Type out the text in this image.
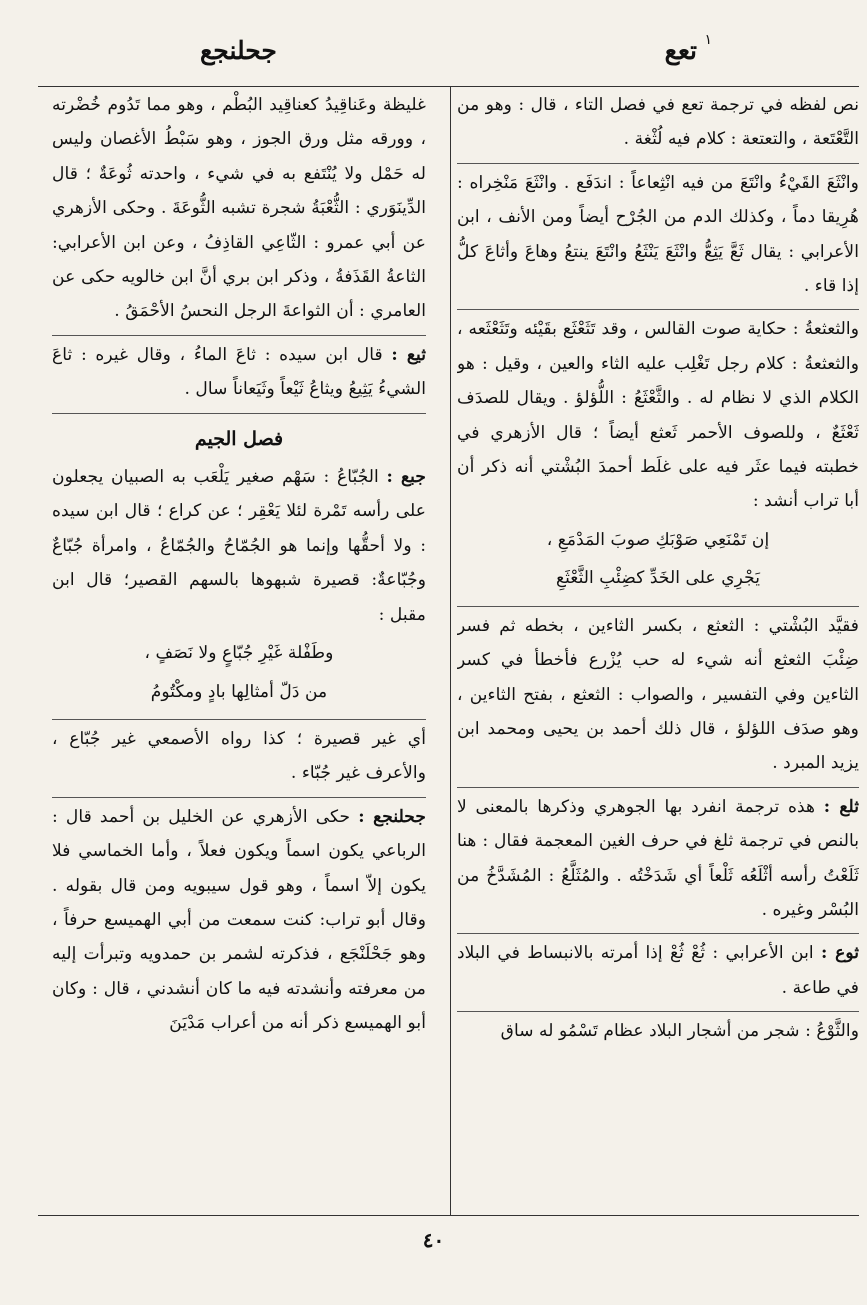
١
تعع
جحلنجع
نص لفظه في ترجمة تعع في فصل التاء ، قال : وهو من التَّعْتَعة ، والتعتعة : كلام فيه لُثْغة .
وانْثَعَ القَيْءُ وانْتَعَ من فيه انْثِعاعاً : اندَفَع . وانْثَعَ مَنْخِراه : هُرِيقا دماً ، وكذلك الدم من الجُرْح أيضاً ومن الأنف ، ابن الأعرابي : يقال ثَعَّ يَثِعُّ وانْثَعَ يَنْثَعُ وانْتَعَ ينتعُ وهاعَ وأثاعَ كلُّ إذا قاء .
والثعثعةُ : حكاية صوت القالس ، وقد تَثَعْثَع بقَيْئه وتَثَعْثَعه ، والثعثعةُ : كلام رجل تَغْلِب عليه الثاء والعين ، وقيل : هو الكلام الذي لا نظام له . والثَّعْثَعُ : اللُّؤلؤ . ويقال للصدَف ثَعْثَعٌ ، وللصوف الأحمر ثَعثع أيضاً ؛ قال الأزهري في خطبته فيما عثَر فيه على غلَط أحمدَ البُشْتي أنه ذكر أن أبا تراب أنشد :
إن تَمْنَعِي صَوْبَكِ صوبَ المَدْمَعِ ،
يَجْرِي على الخَدِّ كضِئْبِ الثَّعْثَعِ
فقيَّد البُشْتي : الثعثع ، بكسر الثاءين ، بخطه ثم فسر ضِئْبَ الثعثع أنه شيء له حب يُزْرع فأخطأ في كسر الثاءين وفي التفسير ، والصواب : الثعثع ، بفتح الثاءين ، وهو صدَف اللؤلؤ ، قال ذلك أحمد بن يحيى ومحمد ابن يزيد المبرد .
ثلع : هذه ترجمة انفرد بها الجوهري وذكرها بالمعنى لا بالنص في ترجمة ثلغ في حرف الغين المعجمة فقال : هنا ثَلَعْتُ رأسه أثْلَعُه ثَلْعاً أي شَدَخْتُه . والمُثَلَّعُ : المُشَدَّخُ من البُسْر وغيره .
ثوع : ابن الأعرابي : ثُعْ ثُعْ إذا أمرته بالانبساط في البلاد في طاعة .
والثَّوْعُ : شجر من أشجار البلاد عظام تَسْمُو له ساق
غليظة وعَناقِيدُ كعناقِيد البُطْم ، وهو مما تَدُوم خُضْرته ، وورقه مثل ورق الجوز ، وهو سَبْطُ الأغصان وليس له حَمْل ولا يُنْتَفع به في شيء ، واحدته ثُوعَةٌ ؛ قال الدِّينَوَري : الثُّعْبَةُ شجرة تشبه الثُّوعَةَ . وحكى الأزهري عن أبي عمرو : الثّاعِي القاذِفُ ، وعن ابن الأعرابي: الثاعةُ القَذَفةُ ، وذكر ابن بري أنَّ ابن خالويه حكى عن العامري : أن الثواعةَ الرجل النحسُ الأحْمَقُ .
ثيع : قال ابن سيده : ثاعَ الماءُ ، وقال غيره : ثاعَ الشيءُ يَثِيعُ ويثاعُ ثَيْعاً وثَيَعاناً سال .
فصل الجيم
جبع : الجُبّاعُ : سَهْم صغير يَلْعَب به الصبيان يجعلون على رأسه تَمْرة لئلا يَعْقِر ؛ عن كراع ؛ قال ابن سيده : ولا أحقُّها وإنما هو الجُمّاحُ والجُمّاعُ ، وامرأة جُبّاعٌ وجُبّاعةٌ: قصيرة شبهوها بالسهم القصير؛ قال ابن مقبل :
وطَفْلة غَيْرِ جُبّاعٍ ولا نَصَفٍ ،
من دَلّ أمثالِها بادٍ ومكْتُومُ
أي غير قصيرة ؛ كذا رواه الأصمعي غير جُبّاع ، والأعرف غير جُبّاء .
جحلنجع : حكى الأزهري عن الخليل بن أحمد قال : الرباعي يكون اسماً ويكون فعلاً ، وأما الخماسي فلا يكون إلاّ اسماً ، وهو قول سيبويه ومن قال بقوله . وقال أبو تراب: كنت سمعت من أبي الهميسع حرفاً ، وهو جَحْلَنْجَع ، فذكرته لشمر بن حمدويه وتبرأت إليه من معرفته وأنشدته فيه ما كان أنشدني ، قال : وكان أبو الهميسع ذكر أنه من أعراب مَدْيَنَ
٤٠
